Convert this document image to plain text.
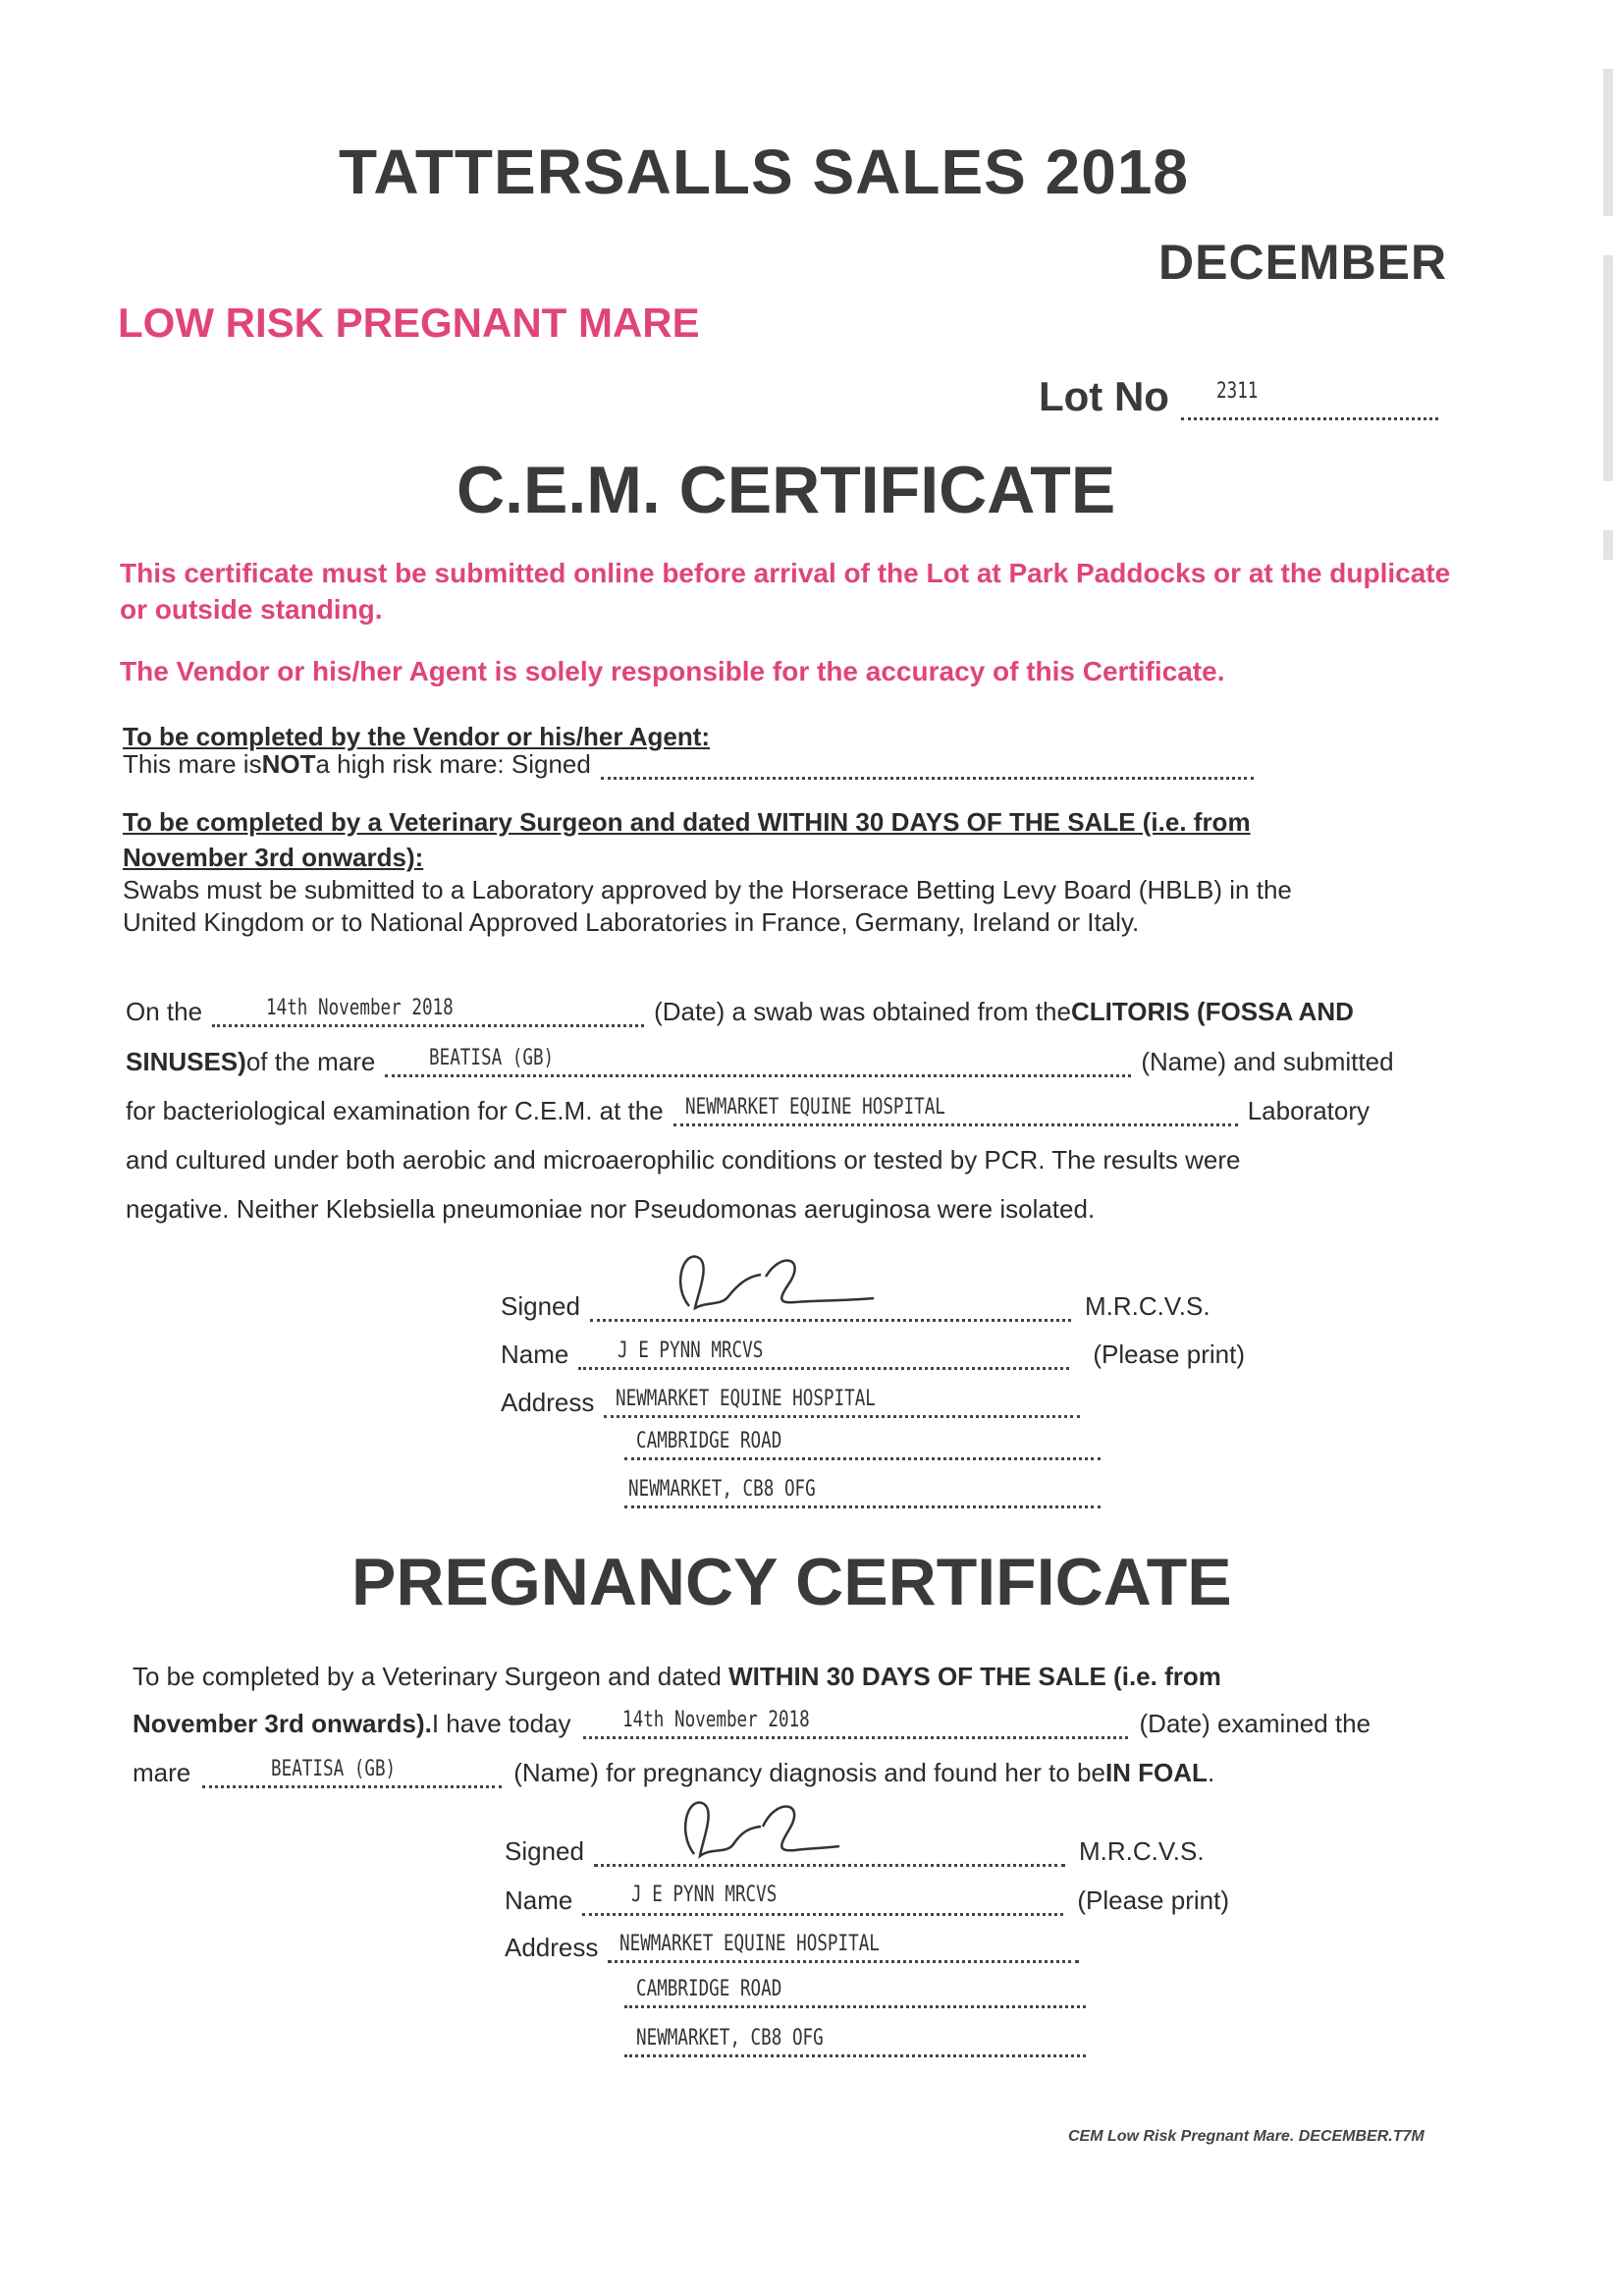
TATTERSALLS SALES 2018
DECEMBER
LOW RISK PREGNANT MARE
Lot No 2311
C.E.M. CERTIFICATE
This certificate must be submitted online before arrival of the Lot at Park Paddocks or at the duplicate or outside standing.
The Vendor or his/her Agent is solely responsible for the accuracy of this Certificate.
To be completed by the Vendor or his/her Agent:
This mare is NOT a high risk mare: Signed
To be completed by a Veterinary Surgeon and dated WITHIN 30 DAYS OF THE SALE (i.e. from
November 3rd onwards):
Swabs must be submitted to a Laboratory approved by the Horserace Betting Levy Board (HBLB) in the
United Kingdom or to National Approved Laboratories in France, Germany, Ireland or Italy.
On the	14th November 2018	(Date) a swab was obtained from the CLITORIS (FOSSA AND
SINUSES) of the mare	BEATISA (GB)	(Name) and submitted
for bacteriological examination for C.E.M. at the NEWMARKET EQUINE HOSPITAL	Laboratory
and cultured under both aerobic and microaerophilic conditions or tested by PCR. The results were
negative. Neither Klebsiella pneumoniae nor Pseudomonas aeruginosa were isolated.
Signed	M.R.C.V.S.
Name J E PYNN MRCVS	(Please print)
Address NEWMARKET EQUINE HOSPITAL
CAMBRIDGE ROAD
NEWMARKET, CB8 OFG
PREGNANCY CERTIFICATE
To be completed by a Veterinary Surgeon and dated WITHIN 30 DAYS OF THE SALE (i.e. from
November 3rd onwards). I have today 14th November 2018	(Date) examined the
mare	BEATISA (GB)	(Name) for pregnancy diagnosis and found her to be IN FOAL .
Signed	M.R.C.V.S.
Name	J E PYNN MRCVS	(Please print)
Address NEWMARKET EQUINE HOSPITAL
CAMBRIDGE ROAD
NEWMARKET, CB8 OFG
CEM Low Risk Pregnant Mare. DECEMBER.T7M
